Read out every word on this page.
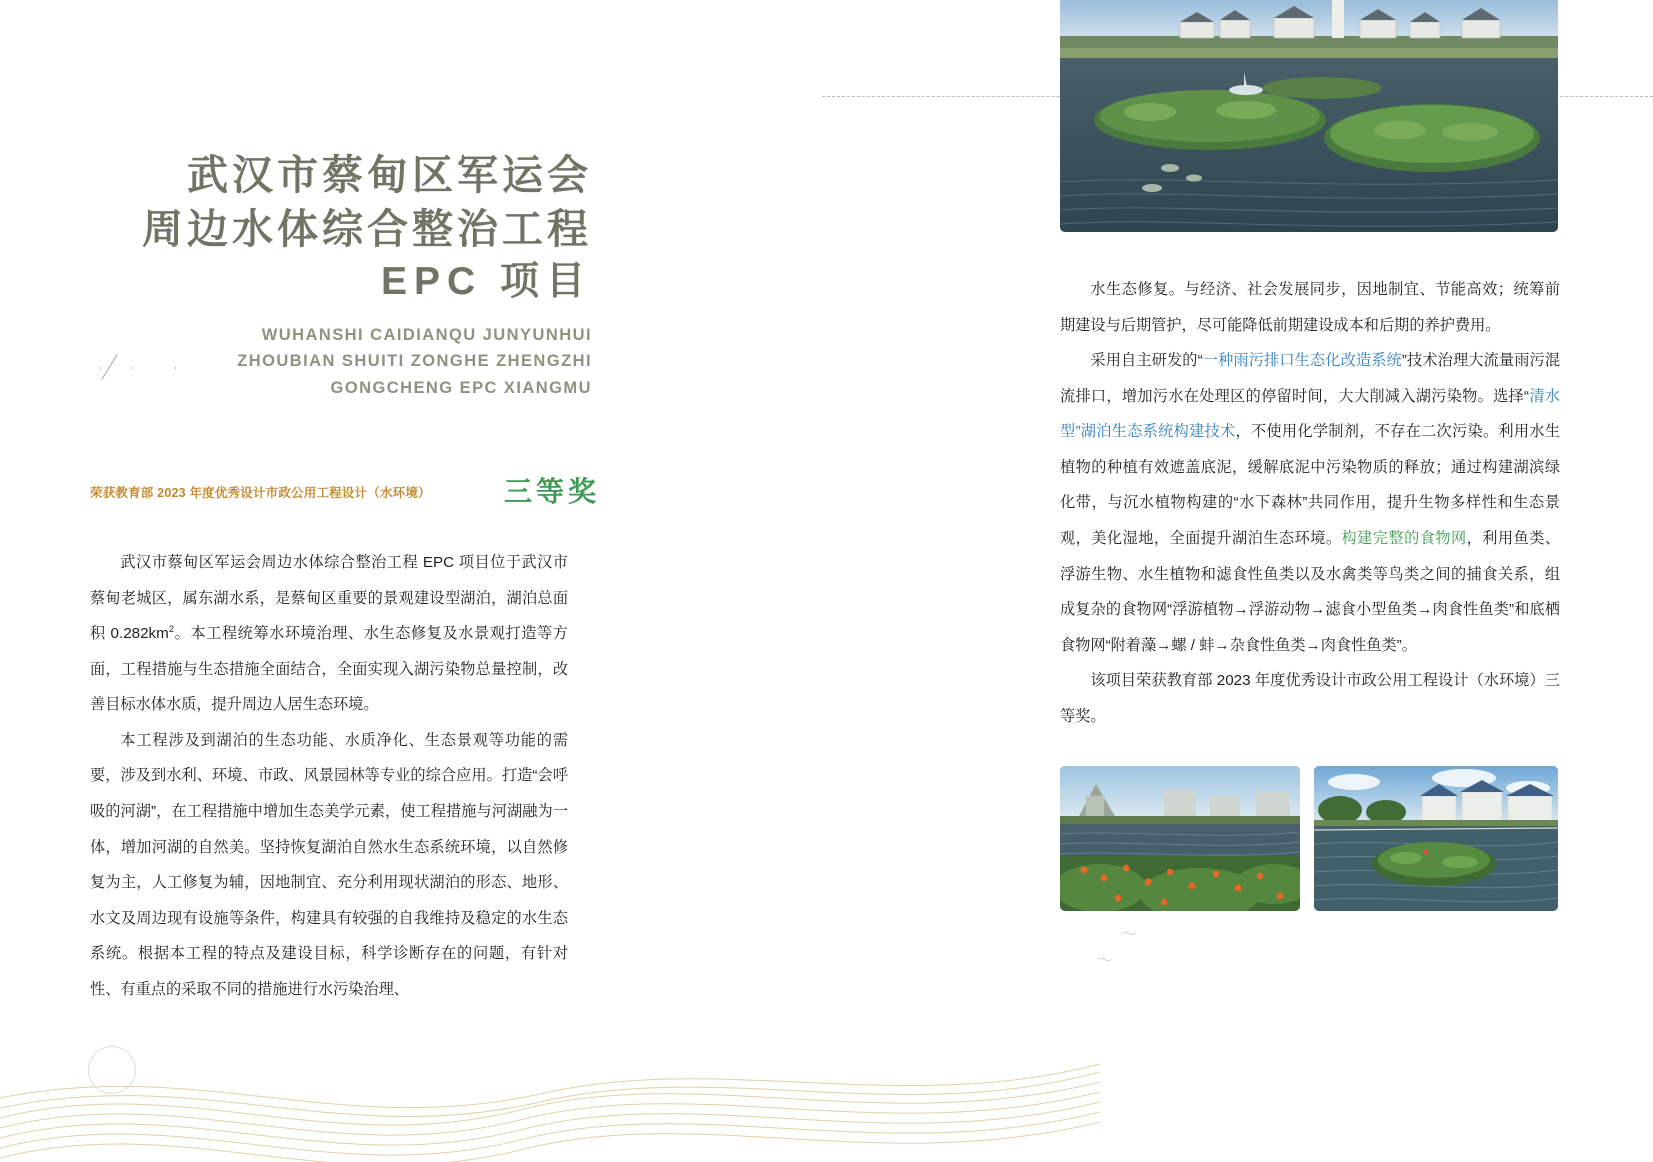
〜
〜
武汉市蔡甸区军运会
周边水体综合整治工程
EPC 项目
WUHANSHI CAIDIANQU JUNYUNHUI
ZHOUBIAN SHUITI ZONGHE ZHENGZHI
GONGCHENG EPC XIANGMU
荣获教育部 2023 年度优秀设计市政公用工程设计（水环境）	三等奖

武汉市蔡甸区军运会周边水体综合整治工程 EPC 项目位于武汉市蔡甸老城区，属东湖水系，是蔡甸区重要的景观建设型湖泊，湖泊总面积 $0.282km^2$。本工程统筹水环境治理、水生态修复及水景观打造等方面，工程措施与生态措施全面结合，全面实现入湖污染物总量控制，改善目标水体水质，提升周边人居生态环境。

本工程涉及到湖泊的生态功能、水质净化、生态景观等功能的需要，涉及到水利、环境、市政、风景园林等专业的综合应用。打造“会呼吸的河湖”，在工程措施中增加生态美学元素，使工程措施与河湖融为一体，增加河湖的自然美。坚持恢复湖泊自然水生态系统环境，以自然修复为主，人工修复为辅，因地制宜、充分利用现状湖泊的形态、地形、水文及周边现有设施等条件，构建具有较强的自我维持及稳定的水生态系统。根据本工程的特点及建设目标，科学诊断存在的问题，有针对性、有重点的采取不同的措施进行水污染治理、

水生态修复。与经济、社会发展同步，因地制宜、节能高效；统筹前期建设与后期管护，尽可能降低前期建设成本和后期的养护费用。

采用自主研发的“一种雨污排口生态化改造系统”技术治理大流量雨污混流排口，增加污水在处理区的停留时间，大大削减入湖污染物。选择“清水型”湖泊生态系统构建技术，不使用化学制剂，不存在二次污染。利用水生植物的种植有效遮盖底泥，缓解底泥中污染物质的释放；通过构建湖滨绿化带，与沉水植物构建的“水下森林”共同作用，提升生物多样性和生态景观，美化湿地，全面提升湖泊生态环境。构建完整的食物网，利用鱼类、浮游生物、水生植物和滤食性鱼类以及水禽类等鸟类之间的捕食关系，组成复杂的食物网“浮游植物→浮游动物→滤食小型鱼类→肉食性鱼类”和底栖食物网“附着藻→螺 / 蚌→杂食性鱼类→肉食性鱼类”。

该项目荣获教育部 2023 年度优秀设计市政公用工程设计（水环境）三等奖。
